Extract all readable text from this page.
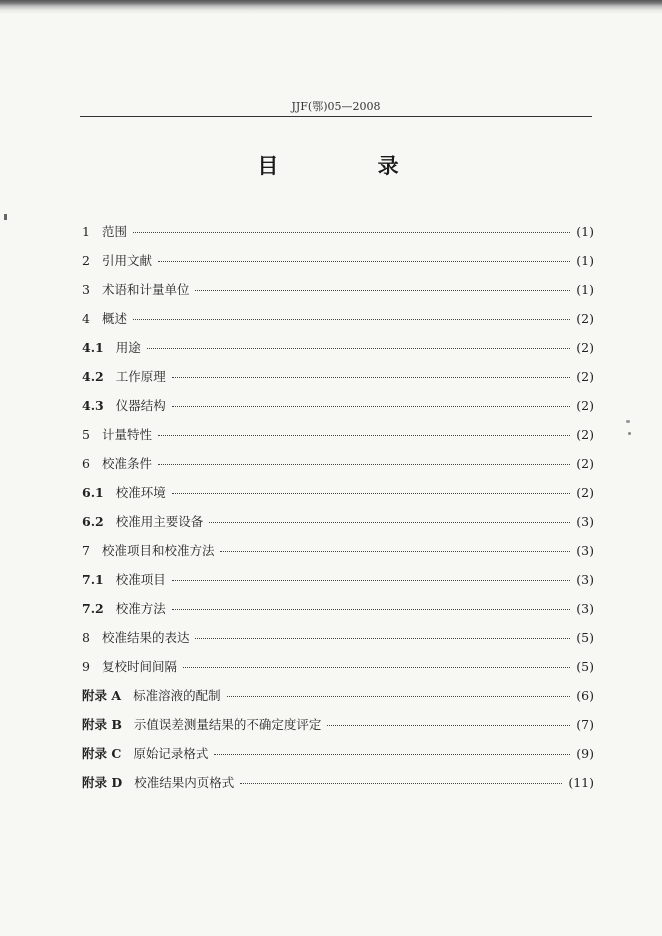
JJF(鄂)05—2008
目 录
1 范围	(1)
2 引用文献	(1)
3 术语和计量单位	(1)
4 概述	(2)
4.1 用途	(2)
4.2 工作原理	(2)
4.3 仪器结构	(2)
5 计量特性	(2)
6 校准条件	(2)
6.1 校准环境	(2)
6.2 校准用主要设备	(3)
7 校准项目和校准方法	(3)
7.1 校准项目	(3)
7.2 校准方法	(3)
8 校准结果的表达	(5)
9 复校时间间隔	(5)
附录 A 标准溶液的配制	(6)
附录 B 示值误差测量结果的不确定度评定	(7)
附录 C 原始记录格式	(9)
附录 D 校准结果内页格式	(11)
